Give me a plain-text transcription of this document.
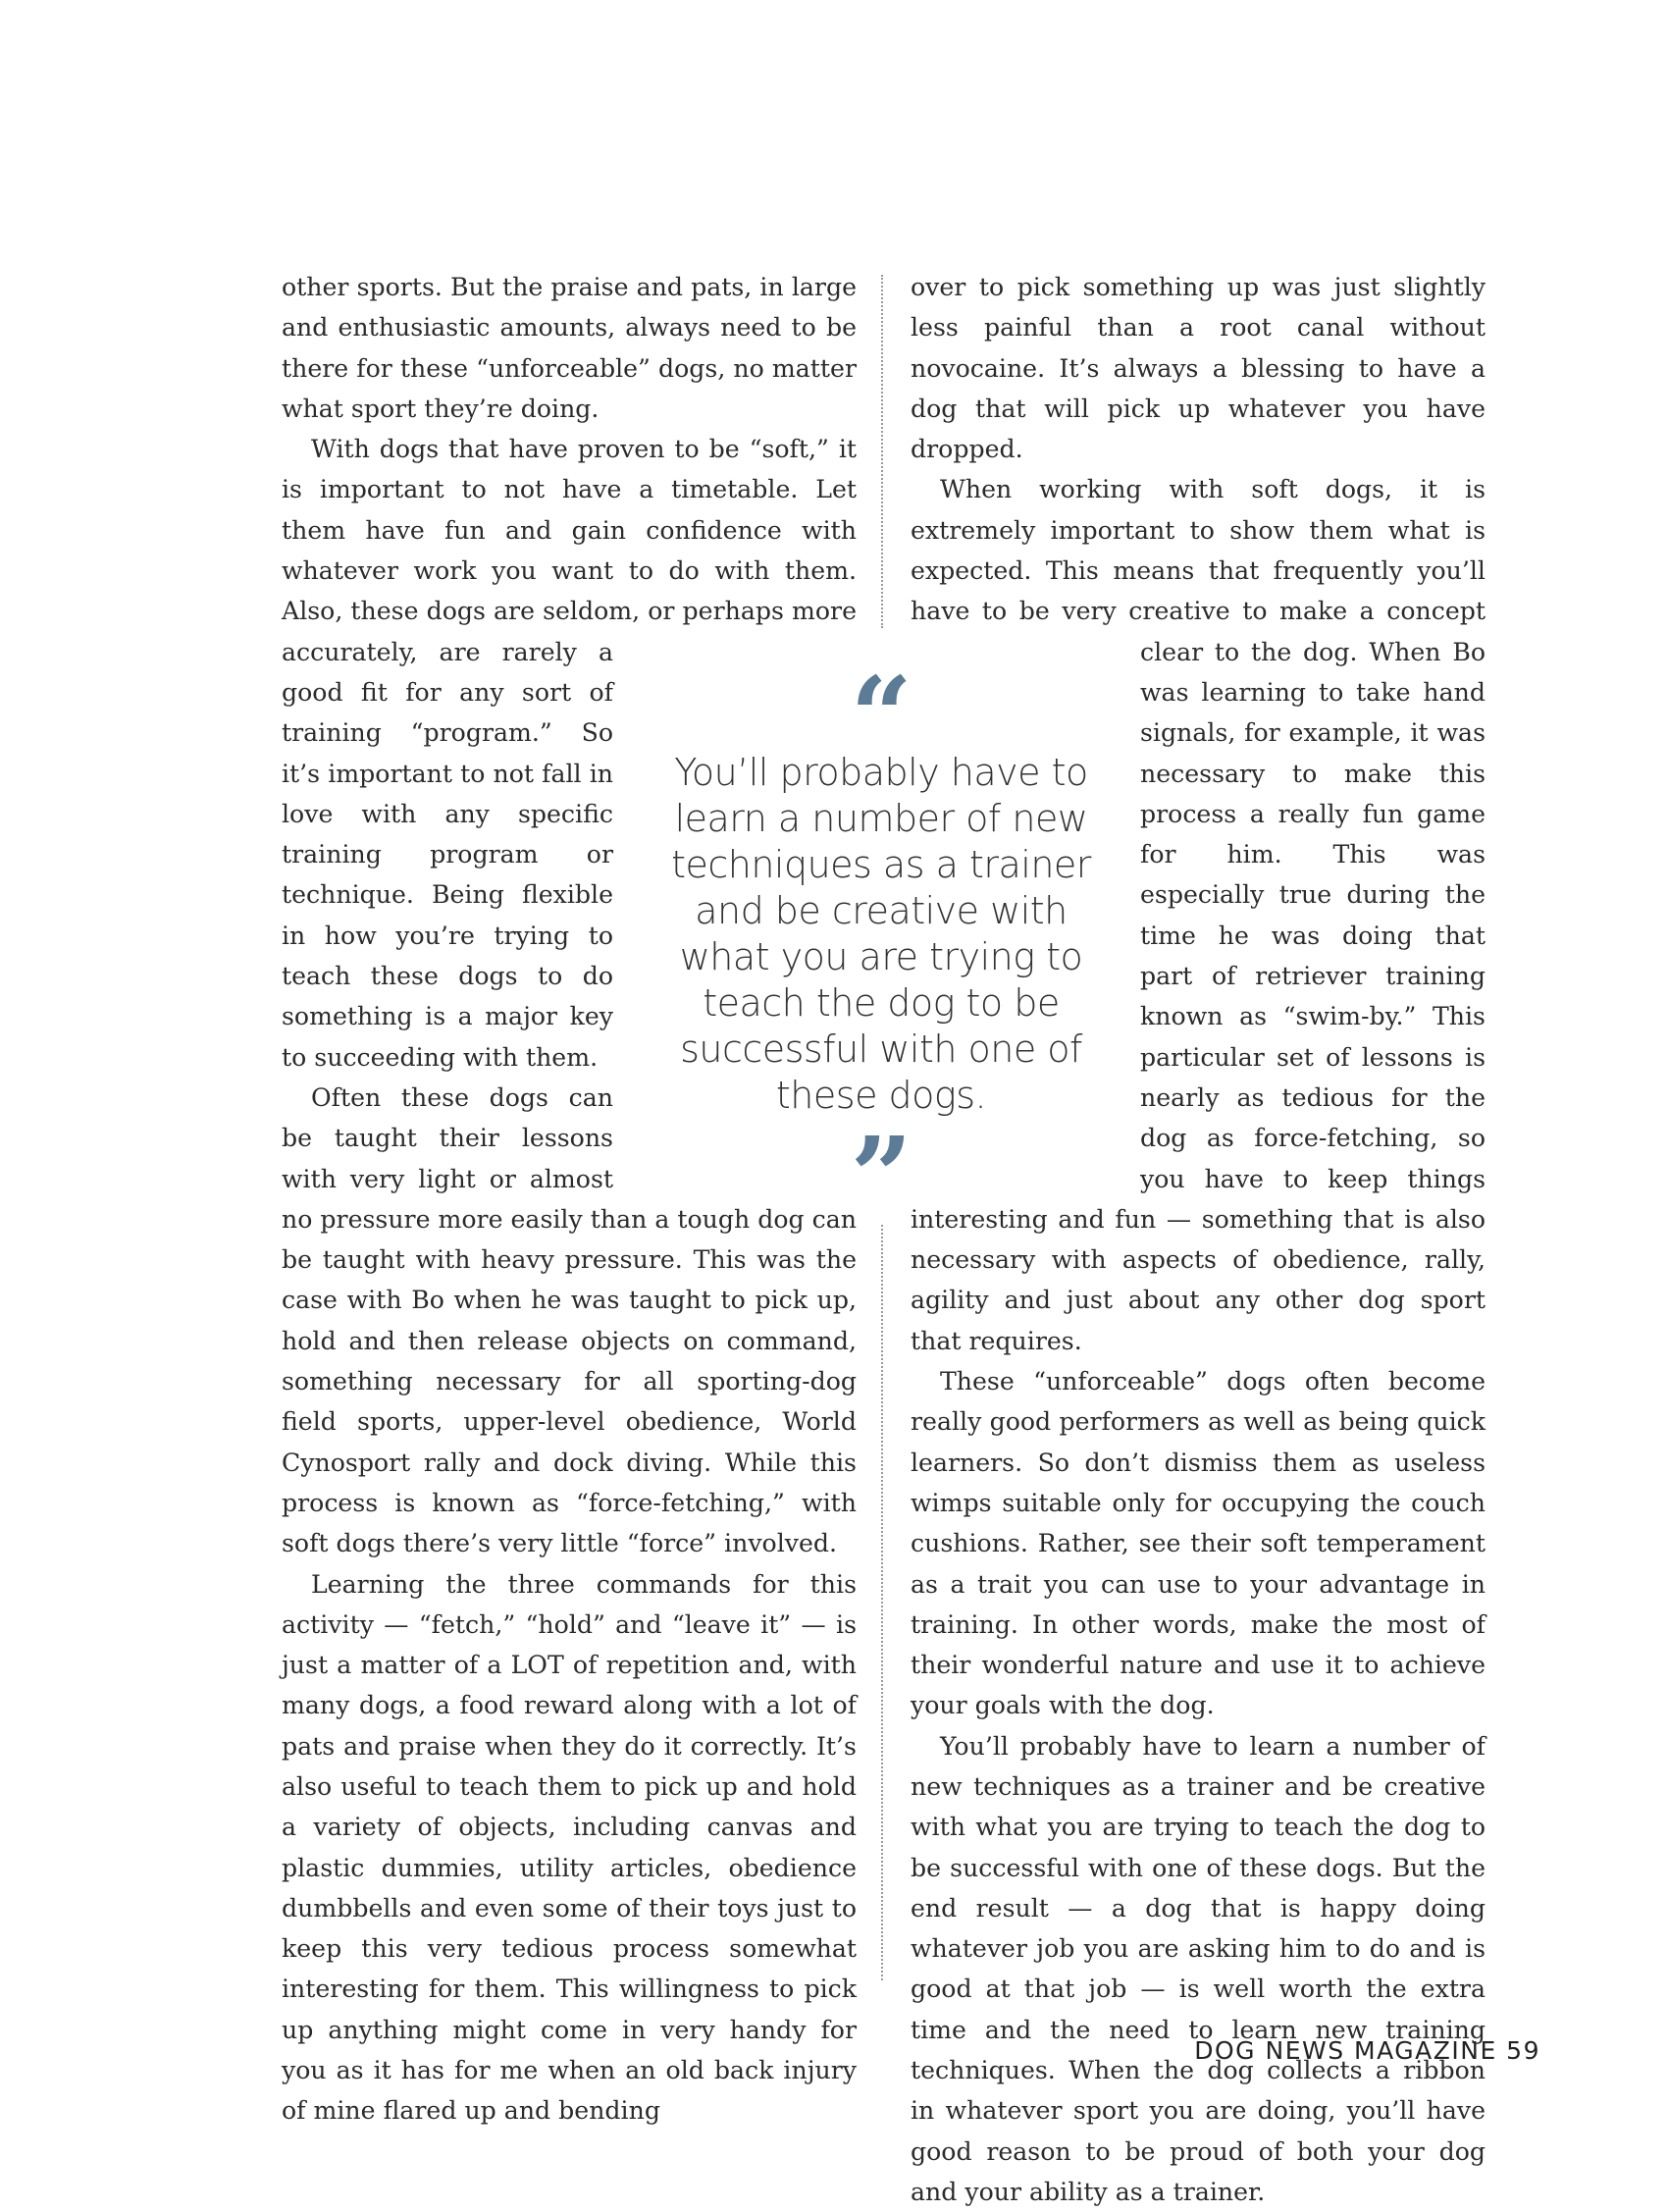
other sports. But the praise and pats, in large and enthusiastic amounts, always need to be there for these “unforceable” dogs, no matter what sport they’re doing.

With dogs that have proven to be “soft,” it is important to not have a timetable. Let them have fun and gain confidence with whatever work you want to do with them. Also, these dogs are seldom, or perhaps more accurately, are rarely a good fit for any sort of training “program.” So it’s important to not fall in love with any specific training program or technique. Being flexible in how you’re trying to teach these dogs to do something is a major key to succeeding with them.

Often these dogs can be taught their lessons with very light or almost no pressure more easily than a tough dog can be taught with heavy pressure. This was the case with Bo when he was taught to pick up, hold and then release objects on command, something necessary for all sporting-dog field sports, upper-level obedience, World Cynosport rally and dock diving. While this process is known as “force-fetching,” with soft dogs there’s very little “force” involved.

Learning the three commands for this activity — “fetch,” “hold” and “leave it” — is just a matter of a LOT of repetition and, with many dogs, a food reward along with a lot of pats and praise when they do it correctly. It’s also useful to teach them to pick up and hold a variety of objects, including canvas and plastic dummies, utility articles, obedience dumbbells and even some of their toys just to keep this very tedious process somewhat interesting for them. This willingness to pick up anything might come in very handy for you as it has for me when an old back injury of mine flared up and bending

over to pick something up was just slightly less painful than a root canal without novocaine. It’s always a blessing to have a dog that will pick up whatever you have dropped.

When working with soft dogs, it is extremely important to show them what is expected. This means that frequently you’ll have to be very creative to make a concept clear to the dog. When Bo was learning to take hand signals, for example, it was necessary to make this process a really fun game for him. This was especially true during the time he was doing that part of retriever training known as “swim-by.” This particular set of lessons is nearly as tedious for the dog as force-fetching, so you have to keep things interesting and fun — something that is also necessary with aspects of obedience, rally, agility and just about any other dog sport that requires.

These “unforceable” dogs often become really good performers as well as being quick learners. So don’t dismiss them as useless wimps suitable only for occupying the couch cushions. Rather, see their soft temperament as a trait you can use to your advantage in training. In other words, make the most of their wonderful nature and use it to achieve your goals with the dog.

You’ll probably have to learn a number of new techniques as a trainer and be creative with what you are trying to teach the dog to be successful with one of these dogs. But the end result — a dog that is happy doing whatever job you are asking him to do and is good at that job — is well worth the extra time and the need to learn new training techniques. When the dog collects a ribbon in whatever sport you are doing, you’ll have good reason to be proud of both your dog and your ability as a trainer.

“
You’ll probably have to learn a number of new techniques as a trainer and be creative with what you are trying to teach the dog to be successful with one of these dogs.
”
DOG NEWS MAGAZINE 59
